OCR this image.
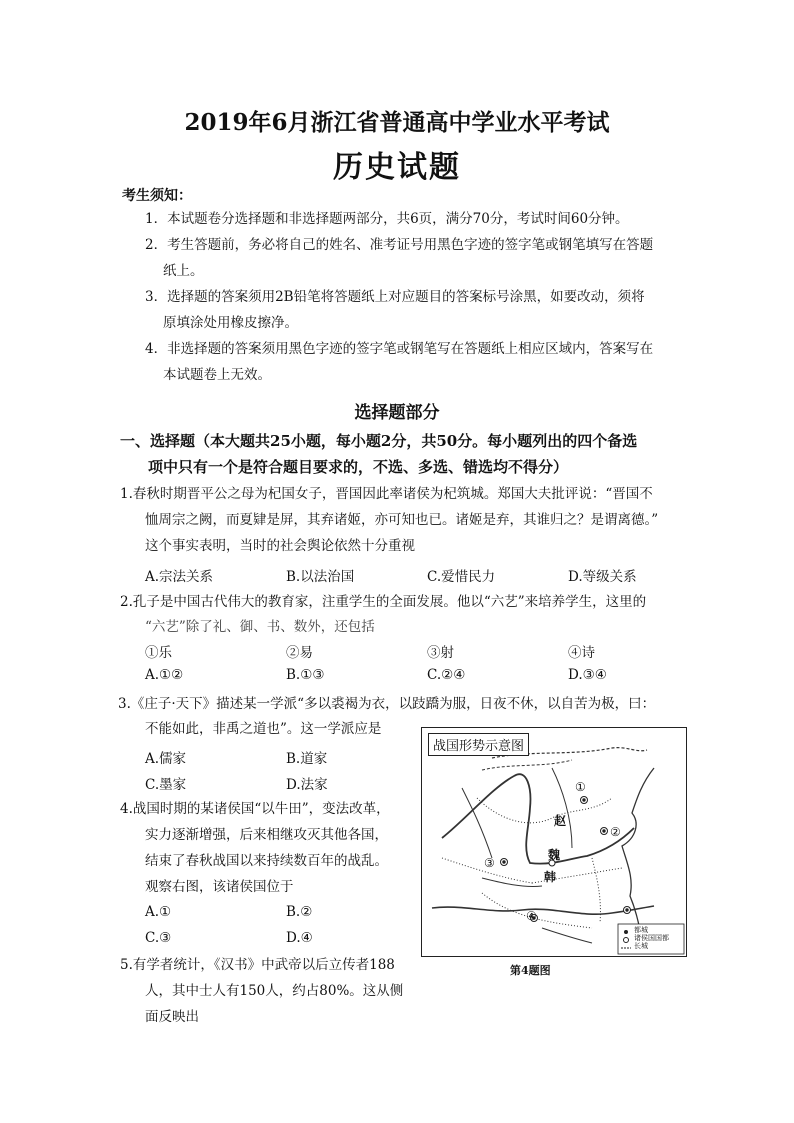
2019年6月浙江省普通高中学业水平考试
历史试题
考生须知：
1．本试题卷分选择题和非选择题两部分，共6页，满分70分，考试时间60分钟。
2．考生答题前，务必将自己的姓名、准考证号用黑色字迹的签字笔或钢笔填写在答题
纸上。
3．选择题的答案须用2B铅笔将答题纸上对应题目的答案标号涂黑，如要改动，须将
原填涂处用橡皮擦净。
4．非选择题的答案须用黑色字迹的签字笔或钢笔写在答题纸上相应区域内，答案写在
本试题卷上无效。
选择题部分
一、选择题（本大题共25小题，每小题2分，共50分。每小题列出的四个备选
项中只有一个是符合题目要求的，不选、多选、错选均不得分）
1.春秋时期晋平公之母为杞国女子，晋国因此率诸侯为杞筑城。郑国大夫批评说：“晋国不
恤周宗之阙，而夏肄是屏，其弃诸姬，亦可知也已。诸姬是弃，其谁归之？是谓离德。”
这个事实表明，当时的社会舆论依然十分重视
A.宗法关系	B.以法治国	C.爱惜民力	D.等级关系
2.孔子是中国古代伟大的教育家，注重学生的全面发展。他以“六艺”来培养学生，这里的
“六艺”除了礼、御、书、数外，还包括
①乐	②易	③射	④诗
A.①②	B.①③	C.②④	D.③④
3.《庄子·天下》描述某一学派“多以裘褐为衣，以跂蹻为服，日夜不休，以自苦为极，曰：
不能如此，非禹之道也”。这一学派应是
A.儒家	B.道家
C.墨家	D.法家
4.战国时期的某诸侯国“以牛田”，变法改革，
实力逐渐增强，后来相继攻灭其他各国，
结束了春秋战国以来持续数百年的战乱。
观察右图，该诸侯国位于
A.①	B.②
C.③	D.④
5.有学者统计，《汉书》中武帝以后立传者188
人，其中士人有150人，约占80%。这从侧
面反映出
战国形势示意图
①
②
③
④
赵
魏
韩
都城
诸侯国国都
长城
第4题图
